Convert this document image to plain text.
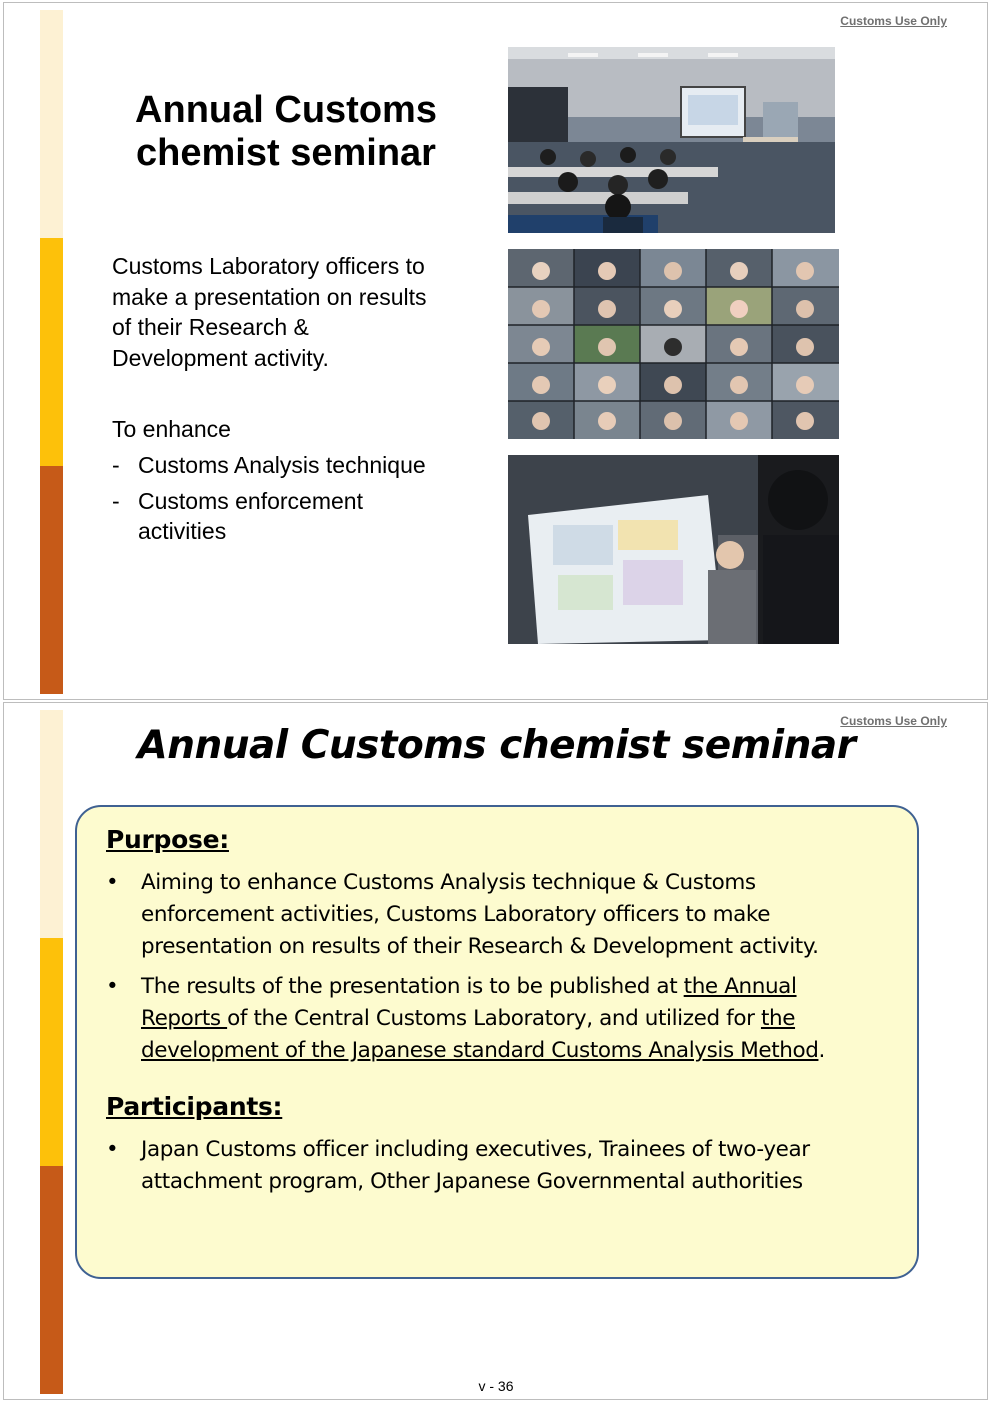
Customs Use Only
Annual Customs
chemist seminar

Customs Laboratory officers to

make a presentation on results

of their Research &

Development activity.

To enhance

- Customs Analysis technique
- Customs enforcement
activities
Customs Use Only
Annual Customs chemist seminar
Purpose:
• Aiming to enhance Customs Analysis technique & Customs
enforcement activities, Customs Laboratory officers to make
presentation on results of their Research & Development activity.
• The results of the presentation is to be published at the Annual
Reports of the Central Customs Laboratory, and utilized for the
development of the Japanese standard Customs Analysis Method.
Participants:
• Japan Customs officer including executives, Trainees of two-year
attachment program, Other Japanese Governmental authorities
v - 36
